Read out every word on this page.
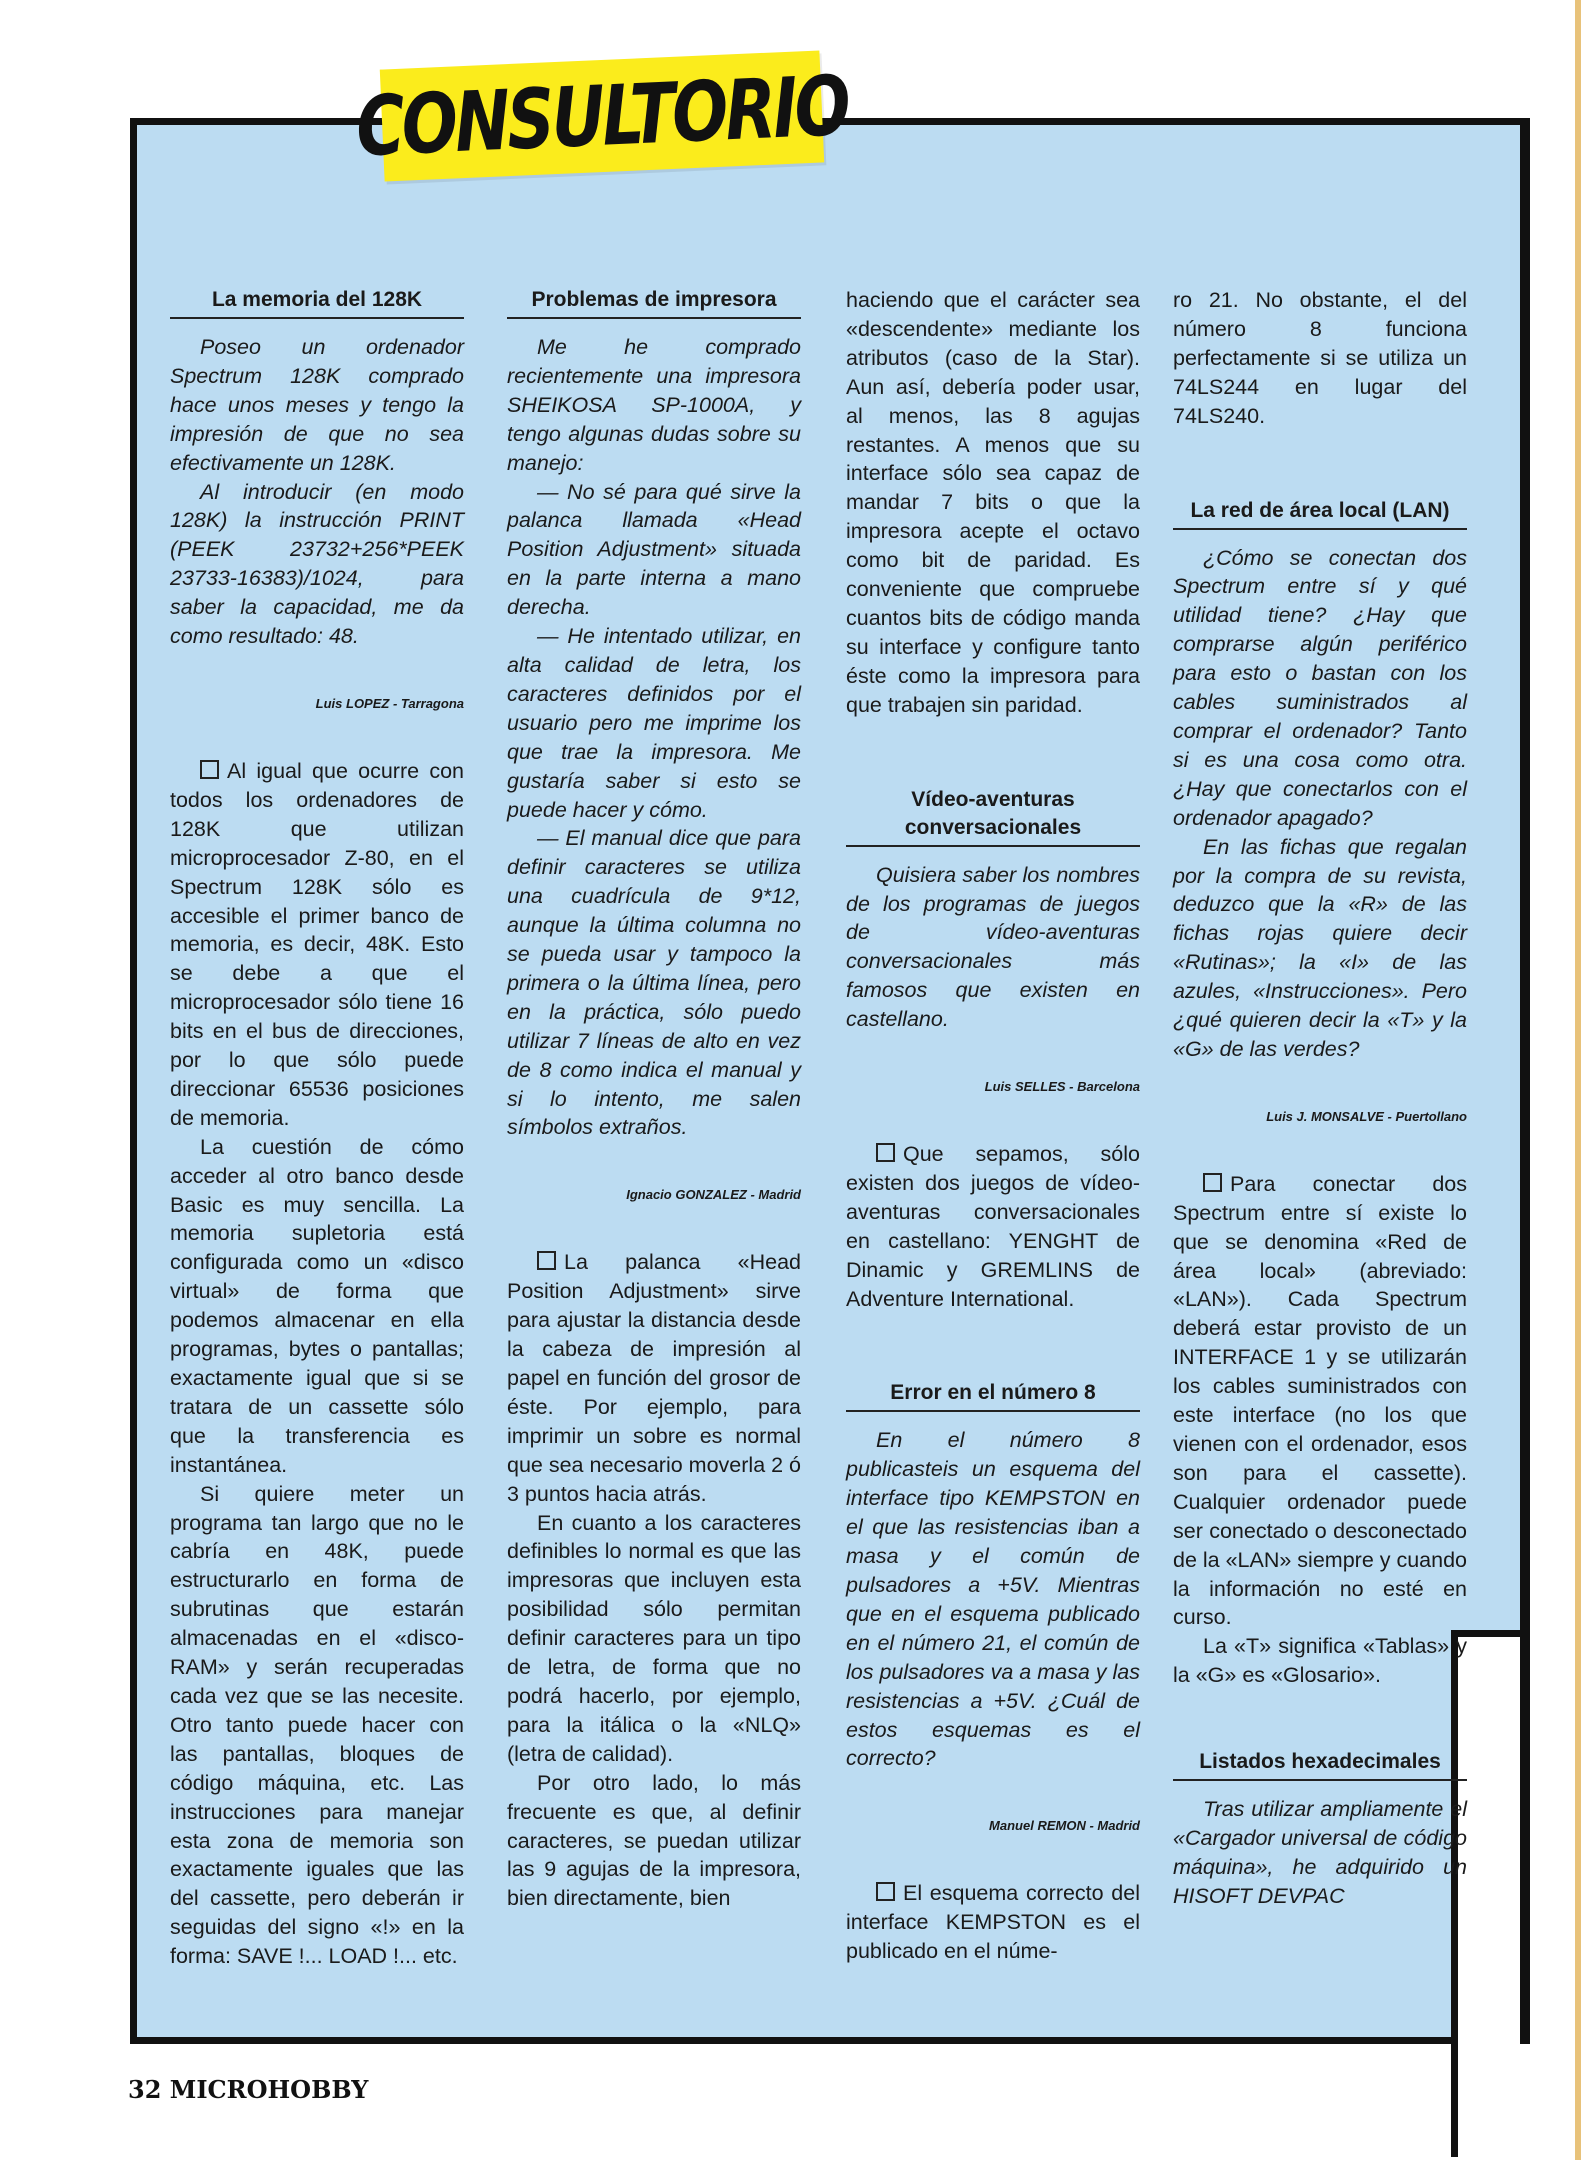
CONSULTORIO
La memoria del 128K

Poseo un ordenador Spectrum 128K comprado hace unos meses y tengo la impresión de que no sea efectivamente un 128K.

Al introducir (en modo 128K) la instrucción PRINT (PEEK 23732+256*PEEK 23733-16383)/1024, para saber la capacidad, me da como resultado: 48.

Luis LOPEZ - Tarragona

Al igual que ocurre con todos los ordenadores de 128K que utilizan microprocesador Z-80, en el Spectrum 128K sólo es accesible el primer banco de memoria, es decir, 48K. Esto se debe a que el microprocesador sólo tiene 16 bits en el bus de direcciones, por lo que sólo puede direccionar 65536 posiciones de memoria.

La cuestión de cómo acceder al otro banco desde Basic es muy sencilla. La memoria supletoria está configurada como un «disco virtual» de forma que podemos almacenar en ella programas, bytes o pantallas; exactamente igual que si se tratara de un cassette sólo que la transferencia es instantánea.

Si quiere meter un programa tan largo que no le cabría en 48K, puede estructurarlo en forma de subrutinas que estarán almacenadas en el «disco-RAM» y serán recuperadas cada vez que se las necesite. Otro tanto puede hacer con las pantallas, bloques de código máquina, etc. Las instrucciones para manejar esta zona de memoria son exactamente iguales que las del cassette, pero deberán ir seguidas del signo «!» en la forma: SAVE !... LOAD !... etc.

Problemas de impresora

Me he comprado recientemente una impresora SHEIKOSA SP-1000A, y tengo algunas dudas sobre su manejo:

— No sé para qué sirve la palanca llamada «Head Position Adjustment» situada en la parte interna a mano derecha.

— He intentado utilizar, en alta calidad de letra, los caracteres definidos por el usuario pero me imprime los que trae la impresora. Me gustaría saber si esto se puede hacer y cómo.

— El manual dice que para definir caracteres se utiliza una cuadrícula de 9*12, aunque la última columna no se pueda usar y tampoco la primera o la última línea, pero en la práctica, sólo puedo utilizar 7 líneas de alto en vez de 8 como indica el manual y si lo intento, me salen símbolos extraños.

Ignacio GONZALEZ - Madrid

La palanca «Head Position Adjustment» sirve para ajustar la distancia desde la cabeza de impresión al papel en función del grosor de éste. Por ejemplo, para imprimir un sobre es normal que sea necesario moverla 2 ó 3 puntos hacia atrás.

En cuanto a los caracteres definibles lo normal es que las impresoras que incluyen esta posibilidad sólo permitan definir caracteres para un tipo de letra, de forma que no podrá hacerlo, por ejemplo, para la itálica o la «NLQ» (letra de calidad).

Por otro lado, lo más frecuente es que, al definir caracteres, se puedan utilizar las 9 agujas de la impresora, bien directamente, bien

haciendo que el carácter sea «descendente» mediante los atributos (caso de la Star). Aun así, debería poder usar, al menos, las 8 agujas restantes. A menos que su interface sólo sea capaz de mandar 7 bits o que la impresora acepte el octavo como bit de paridad. Es conveniente que compruebe cuantos bits de código manda su interface y configure tanto éste como la impresora para que trabajen sin paridad.

Vídeo-aventuras conversacionales

Quisiera saber los nombres de los programas de juegos de vídeo-aventuras conversacionales más famosos que existen en castellano.

Luis SELLES - Barcelona

Que sepamos, sólo existen dos juegos de vídeo-aventuras conversacionales en castellano: YENGHT de Dinamic y GREMLINS de Adventure International.

Error en el número 8

En el número 8 publicasteis un esquema del interface tipo KEMPSTON en el que las resistencias iban a masa y el común de pulsadores a +5V. Mientras que en el esquema publicado en el número 21, el común de los pulsadores va a masa y las resistencias a +5V. ¿Cuál de estos esquemas es el correcto?

Manuel REMON - Madrid

El esquema correcto del interface KEMPSTON es el publicado en el núme-

ro 21. No obstante, el del número 8 funciona perfectamente si se utiliza un 74LS244 en lugar del 74LS240.

La red de área local (LAN)

¿Cómo se conectan dos Spectrum entre sí y qué utilidad tiene? ¿Hay que comprarse algún periférico para esto o bastan con los cables suministrados al comprar el ordenador? Tanto si es una cosa como otra. ¿Hay que conectarlos con el ordenador apagado?

En las fichas que regalan por la compra de su revista, deduzco que la «R» de las fichas rojas quiere decir «Rutinas»; la «I» de las azules, «Instrucciones». Pero ¿qué quieren decir la «T» y la «G» de las verdes?

Luis J. MONSALVE - Puertollano

Para conectar dos Spectrum entre sí existe lo que se denomina «Red de área local» (abreviado: «LAN»). Cada Spectrum deberá estar provisto de un INTERFACE 1 y se utilizarán los cables suministrados con este interface (no los que vienen con el ordenador, esos son para el cassette). Cualquier ordenador puede ser conectado o desconectado de la «LAN» siempre y cuando la información no esté en curso.

La «T» significa «Tablas» y la «G» es «Glosario».

Listados hexadecimales

Tras utilizar ampliamente el «Cargador universal de código máquina», he adquirido un HISOFT DEVPAC

32 MICROHOBBY
